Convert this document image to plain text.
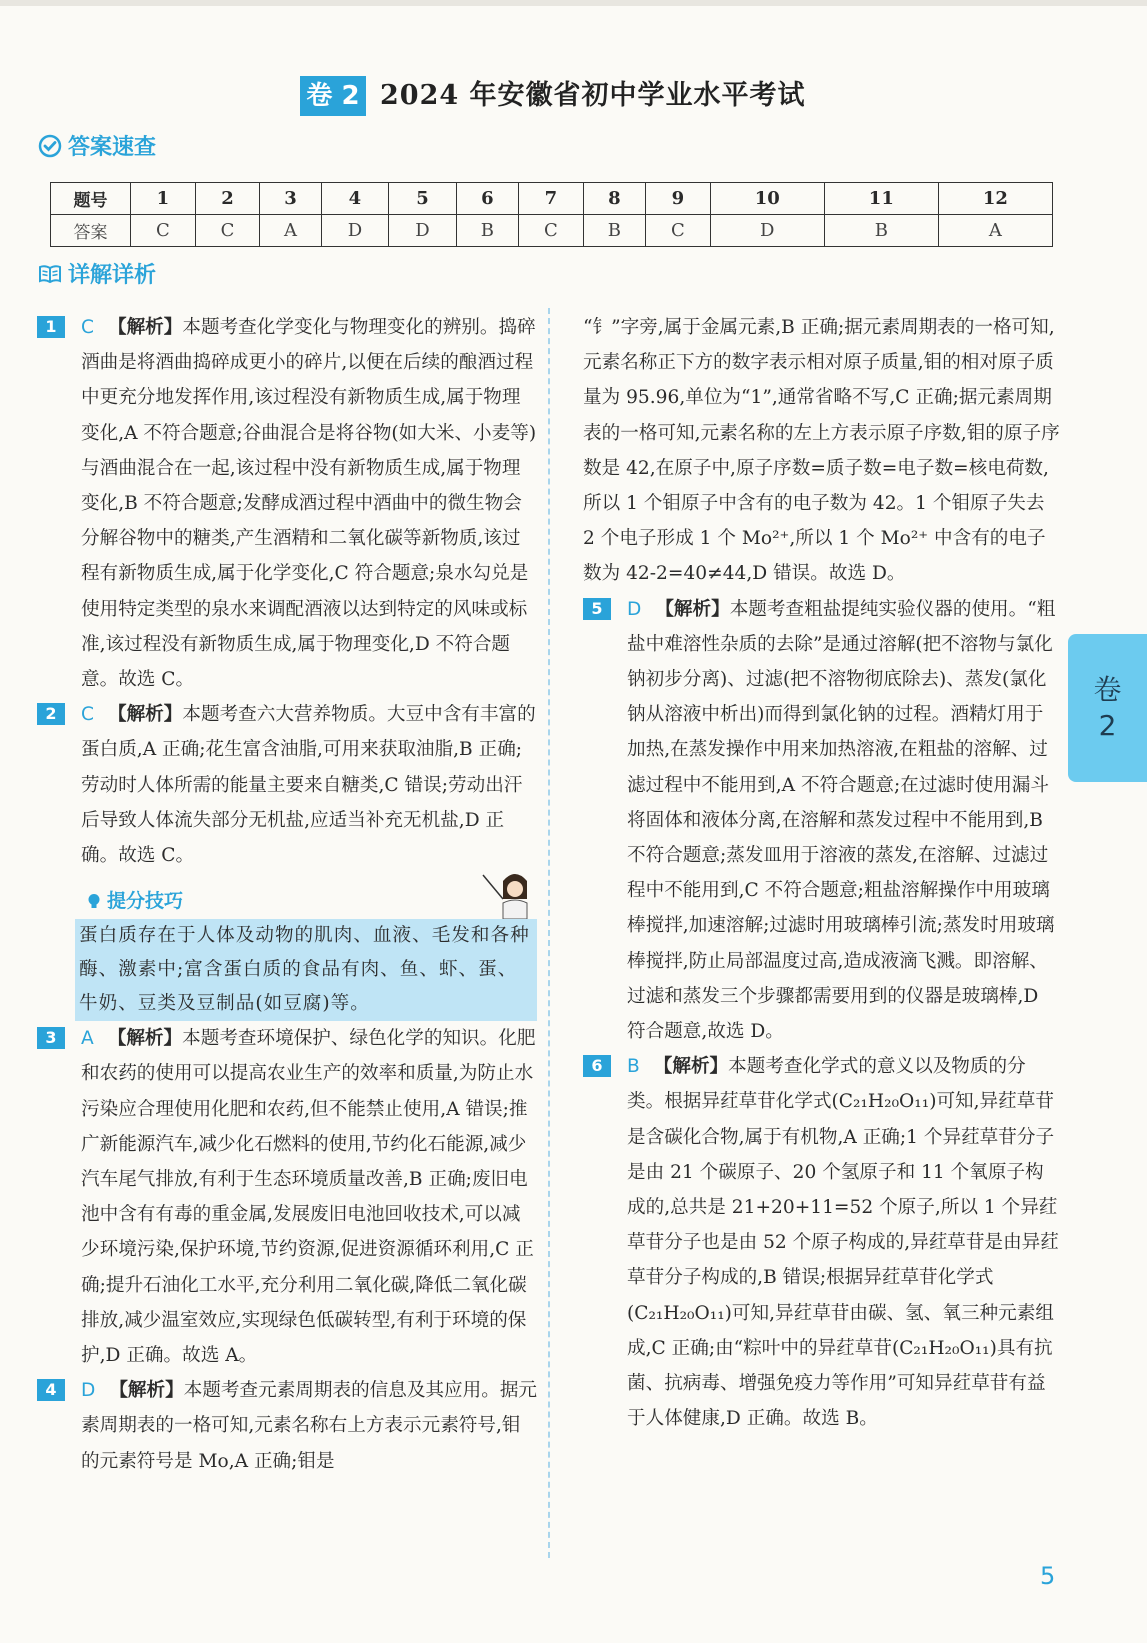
卷 2 2024 年安徽省初中学业水平考试
答案速查
题号	1	2	3	4	5	6	7	8	9	10	11	12
答案	C	C	A	D	D	B	C	B	C	D	B	A
详解详析

1	C 【解析】本题考查化学变化与物理变化的辨别。捣碎酒曲是将酒曲捣碎成更小的碎片,以便在后续的酿酒过程中更充分地发挥作用,该过程没有新物质生成,属于物理变化,A 不符合题意;谷曲混合是将谷物(如大米、小麦等)与酒曲混合在一起,该过程中没有新物质生成,属于物理变化,B 不符合题意;发酵成酒过程中酒曲中的微生物会分解谷物中的糖类,产生酒精和二氧化碳等新物质,该过程有新物质生成,属于化学变化,C 符合题意;泉水勾兑是使用特定类型的泉水来调配酒液以达到特定的风味或标准,该过程没有新物质生成,属于物理变化,D 不符合题意。故选 C。

2	C 【解析】本题考查六大营养物质。大豆中含有丰富的蛋白质,A 正确;花生富含油脂,可用来获取油脂,B 正确;劳动时人体所需的能量主要来自糖类,C 错误;劳动出汗后导致人体流失部分无机盐,应适当补充无机盐,D 正确。故选 C。

提分技巧
蛋白质存在于人体及动物的肌肉、血液、毛发和各种酶、激素中;富含蛋白质的食品有肉、鱼、虾、蛋、牛奶、豆类及豆制品(如豆腐)等。

3	A 【解析】本题考查环境保护、绿色化学的知识。化肥和农药的使用可以提高农业生产的效率和质量,为防止水污染应合理使用化肥和农药,但不能禁止使用,A 错误;推广新能源汽车,减少化石燃料的使用,节约化石能源,减少汽车尾气排放,有利于生态环境质量改善,B 正确;废旧电池中含有有毒的重金属,发展废旧电池回收技术,可以减少环境污染,保护环境,节约资源,促进资源循环利用,C 正确;提升石油化工水平,充分利用二氧化碳,降低二氧化碳排放,减少温室效应,实现绿色低碳转型,有利于环境的保护,D 正确。故选 A。

4	D 【解析】本题考查元素周期表的信息及其应用。据元素周期表的一格可知,元素名称右上方表示元素符号,钼的元素符号是 Mo,A 正确;钼是

“钅”字旁,属于金属元素,B 正确;据元素周期表的一格可知,元素名称正下方的数字表示相对原子质量,钼的相对原子质量为 95.96,单位为“1”,通常省略不写,C 正确;据元素周期表的一格可知,元素名称的左上方表示原子序数,钼的原子序数是 42,在原子中,原子序数=质子数=电子数=核电荷数,所以 1 个钼原子中含有的电子数为 42。1 个钼原子失去 2 个电子形成 1 个 Mo²⁺,所以 1 个 Mo²⁺ 中含有的电子数为 42-2=40≠44,D 错误。故选 D。

5	D 【解析】本题考查粗盐提纯实验仪器的使用。“粗盐中难溶性杂质的去除”是通过溶解(把不溶物与氯化钠初步分离)、过滤(把不溶物彻底除去)、蒸发(氯化钠从溶液中析出)而得到氯化钠的过程。酒精灯用于加热,在蒸发操作中用来加热溶液,在粗盐的溶解、过滤过程中不能用到,A 不符合题意;在过滤时使用漏斗将固体和液体分离,在溶解和蒸发过程中不能用到,B 不符合题意;蒸发皿用于溶液的蒸发,在溶解、过滤过程中不能用到,C 不符合题意;粗盐溶解操作中用玻璃棒搅拌,加速溶解;过滤时用玻璃棒引流;蒸发时用玻璃棒搅拌,防止局部温度过高,造成液滴飞溅。即溶解、过滤和蒸发三个步骤都需要用到的仪器是玻璃棒,D 符合题意,故选 D。

6	B 【解析】本题考查化学式的意义以及物质的分类。根据异荭草苷化学式(C₂₁H₂₀O₁₁)可知,异荭草苷是含碳化合物,属于有机物,A 正确;1 个异荭草苷分子是由 21 个碳原子、20 个氢原子和 11 个氧原子构成的,总共是 21+20+11=52 个原子,所以 1 个异荭草苷分子也是由 52 个原子构成的,异荭草苷是由异荭草苷分子构成的,B 错误;根据异荭草苷化学式(C₂₁H₂₀O₁₁)可知,异荭草苷由碳、氢、氧三种元素组成,C 正确;由“粽叶中的异荭草苷(C₂₁H₂₀O₁₁)具有抗菌、抗病毒、增强免疫力等作用”可知异荭草苷有益于人体健康,D 正确。故选 B。

卷
2
5
